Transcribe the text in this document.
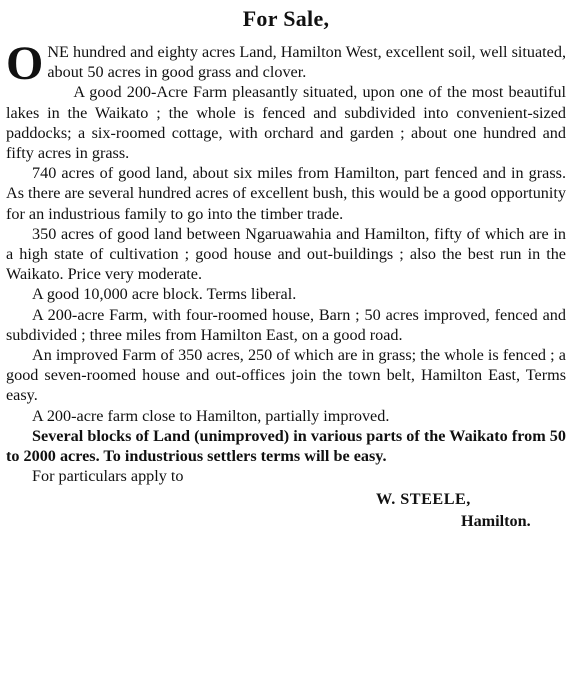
For Sale,

ONE hundred and eighty acres Land, Hamilton West, excellent soil, well situated, about 50 acres in good grass and clover.

A good 200-Acre Farm pleasantly situated, upon one of the most beautiful lakes in the Waikato ; the whole is fenced and subdivided into convenient-sized paddocks; a six-roomed cottage, with orchard and garden ; about one hundred and fifty acres in grass.

740 acres of good land, about six miles from Hamilton, part fenced and in grass. As there are several hundred acres of excellent bush, this would be a good opportunity for an industrious family to go into the timber trade.

350 acres of good land between Ngaruawahia and Hamilton, fifty of which are in a high state of cultivation ; good house and out-buildings ; also the best run in the Waikato. Price very moderate.

A good 10,000 acre block. Terms liberal.

A 200-acre Farm, with four-roomed house, Barn ; 50 acres improved, fenced and subdivided ; three miles from Hamilton East, on a good road.

An improved Farm of 350 acres, 250 of which are in grass; the whole is fenced ; a good seven-roomed house and out-offices join the town belt, Hamilton East, Terms easy.

A 200-acre farm close to Hamilton, partially improved.

Several blocks of Land (unimproved) in various parts of the Waikato from 50 to 2000 acres. To industrious settlers terms will be easy.

For particulars apply to

W. STEELE,
Hamilton.
